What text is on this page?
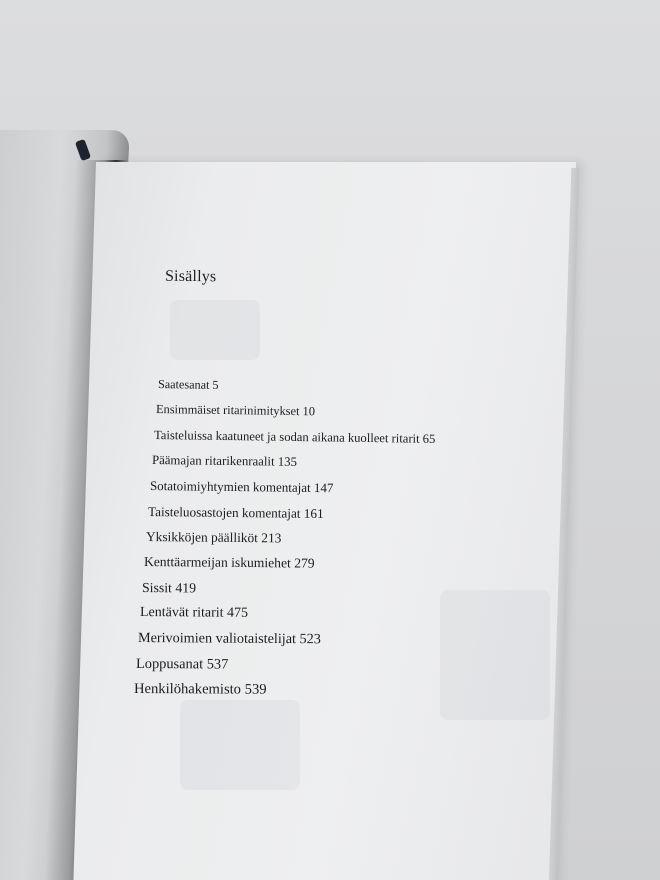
Sisällys
Saatesanat 5
Ensimmäiset ritarinimitykset 10
Taisteluissa kaatuneet ja sodan aikana kuolleet ritarit 65
Päämajan ritarikenraalit 135
Sotatoimiyhtymien komentajat 147
Taisteluosastojen komentajat 161
Yksikköjen päälliköt 213
Kenttäarmeijan iskumiehet 279
Sissit 419
Lentävät ritarit 475
Merivoimien valiotaistelijat 523
Loppusanat 537
Henkilöhakemisto 539
